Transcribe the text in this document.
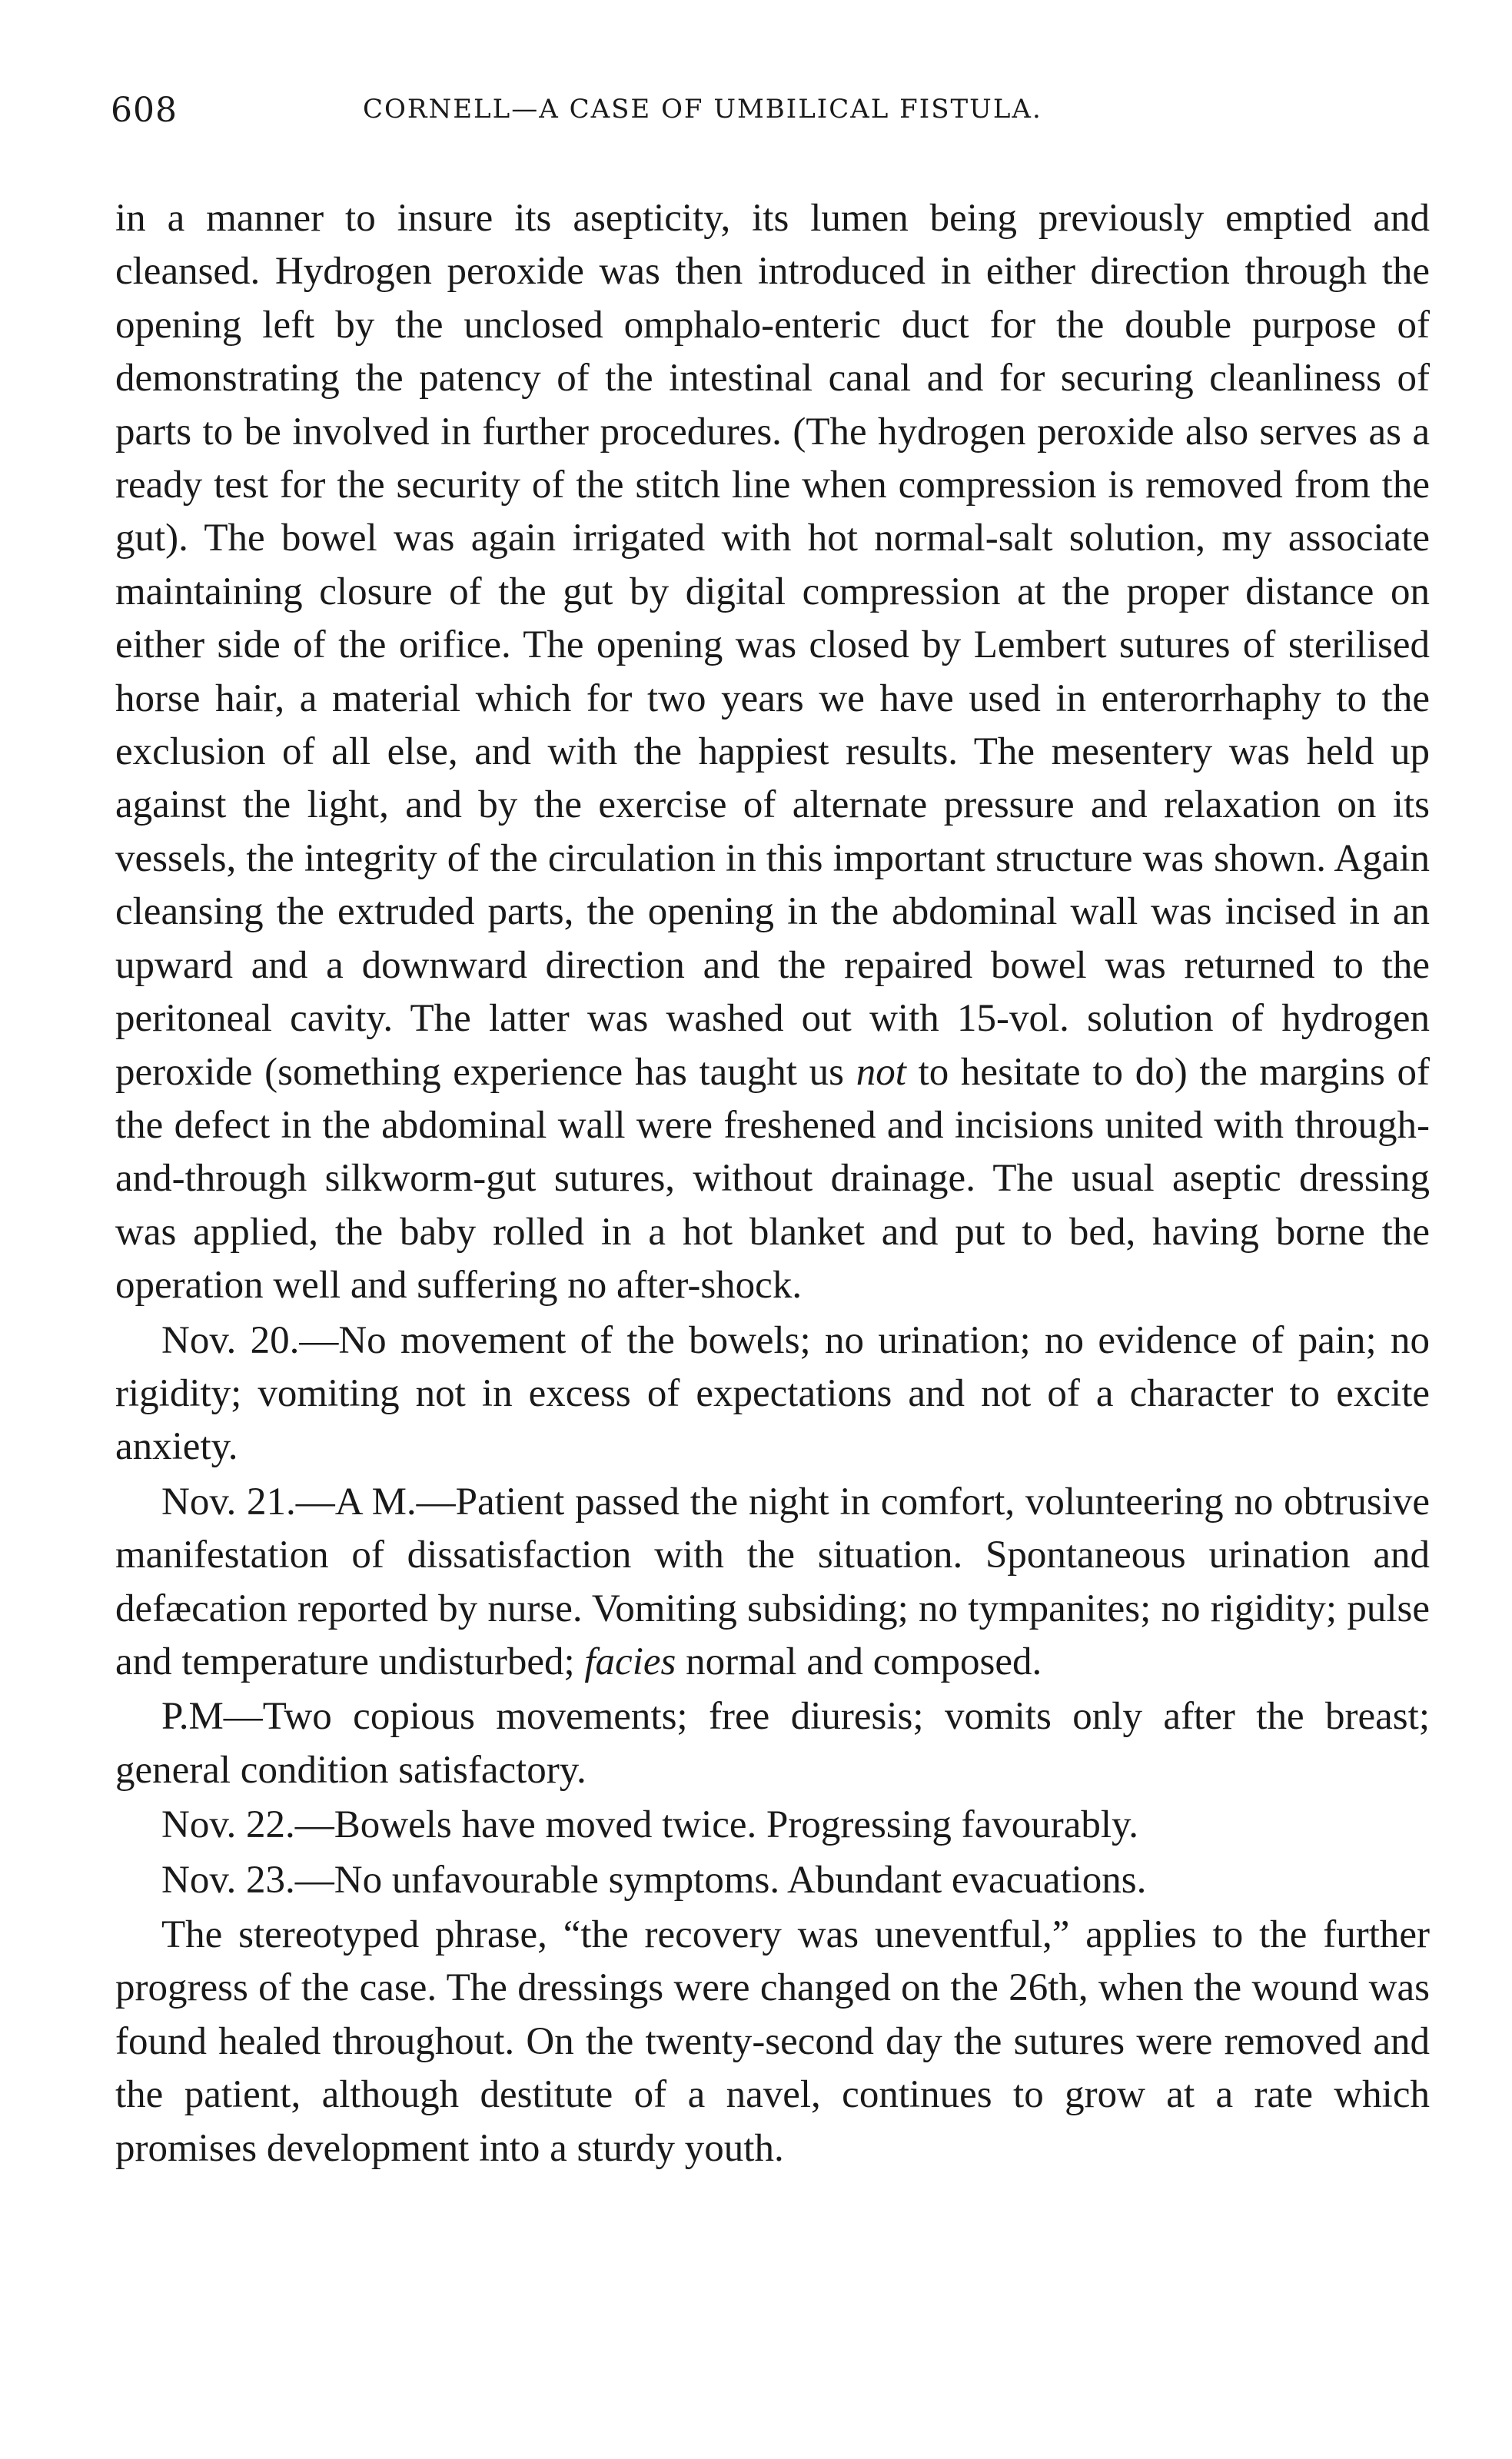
608	CORNELL—A CASE OF UMBILICAL FISTULA.

in a manner to insure its asepticity, its lumen being previously emptied and cleansed. Hydrogen peroxide was then introduced in either direction through the opening left by the unclosed omphalo-enteric duct for the double purpose of demonstrating the patency of the intestinal canal and for securing cleanliness of parts to be involved in further procedures. (The hydrogen peroxide also serves as a ready test for the security of the stitch line when compression is removed from the gut). The bowel was again irrigated with hot normal-salt solution, my associate maintaining closure of the gut by digital compression at the proper distance on either side of the orifice. The opening was closed by Lembert sutures of sterilised horse hair, a material which for two years we have used in enterorrhaphy to the exclusion of all else, and with the happiest results. The mesentery was held up against the light, and by the exercise of alternate pressure and relaxation on its vessels, the integrity of the circulation in this important structure was shown. Again cleansing the extruded parts, the opening in the abdominal wall was incised in an upward and a downward direction and the repaired bowel was returned to the peritoneal cavity. The latter was washed out with 15-vol. solution of hydrogen peroxide (something experience has taught us not to hesitate to do) the margins of the defect in the abdominal wall were freshened and incisions united with through-and-through silkworm-gut sutures, without drainage. The usual aseptic dressing was applied, the baby rolled in a hot blanket and put to bed, having borne the operation well and suffering no after-shock.

Nov. 20.—No movement of the bowels; no urination; no evidence of pain; no rigidity; vomiting not in excess of expectations and not of a character to excite anxiety.

Nov. 21.—A M.—Patient passed the night in comfort, volunteering no obtrusive manifestation of dissatisfaction with the situation. Spontaneous urination and defæcation reported by nurse. Vomiting subsiding; no tympanites; no rigidity; pulse and temperature undisturbed; facies normal and composed.

P.M—Two copious movements; free diuresis; vomits only after the breast; general condition satisfactory.

Nov. 22.—Bowels have moved twice. Progressing favourably.

Nov. 23.—No unfavourable symptoms. Abundant evacuations.

The stereotyped phrase, “the recovery was uneventful,” applies to the further progress of the case. The dressings were changed on the 26th, when the wound was found healed throughout. On the twenty-second day the sutures were removed and the patient, although destitute of a navel, continues to grow at a rate which promises development into a sturdy youth.
